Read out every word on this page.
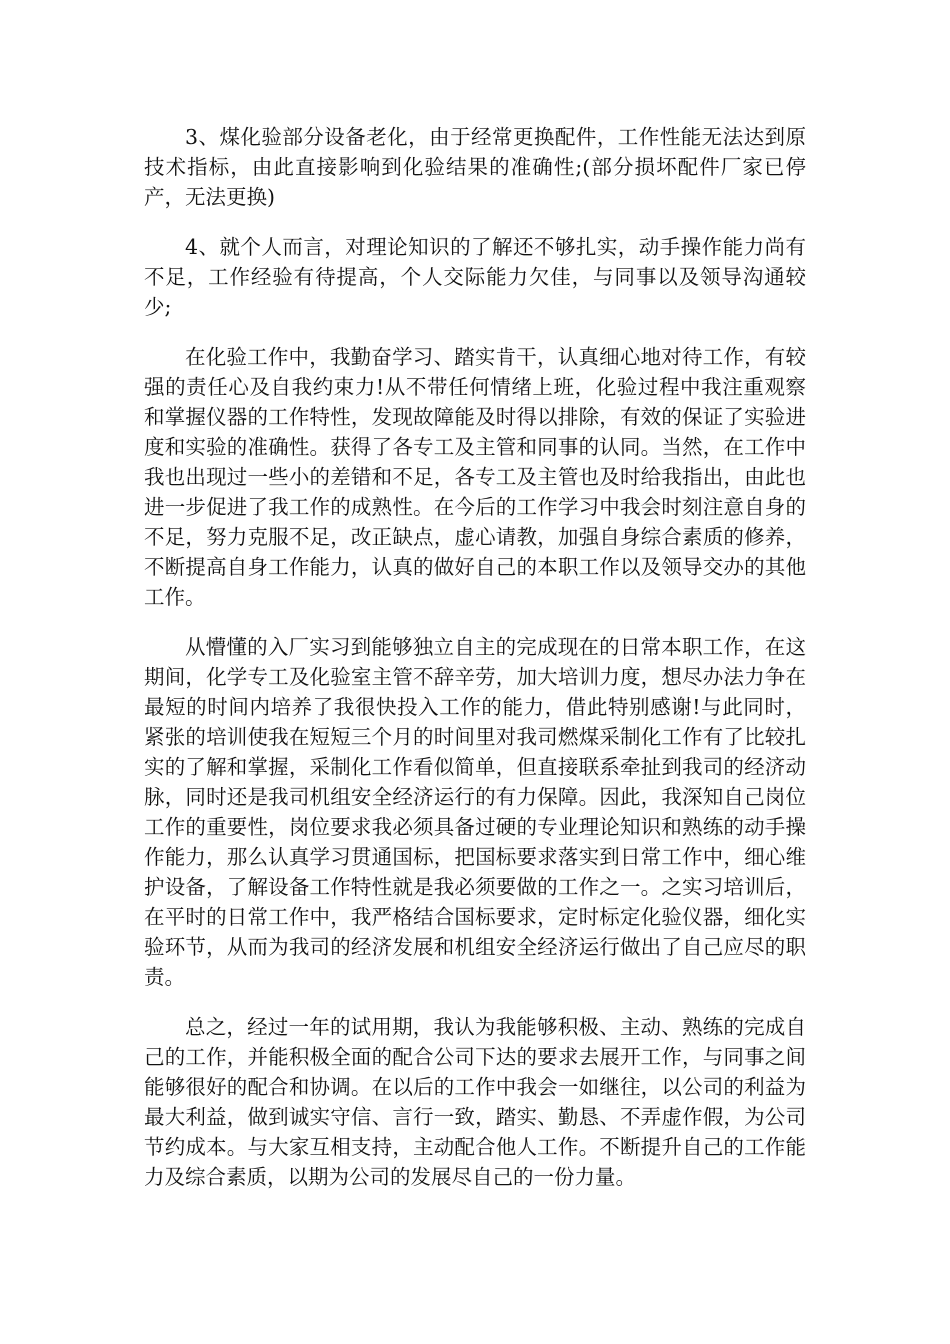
3、煤化验部分设备老化，由于经常更换配件，工作性能无法达到原技术指标，由此直接影响到化验结果的准确性;(部分损坏配件厂家已停产，无法更换)

4、就个人而言，对理论知识的了解还不够扎实，动手操作能力尚有不足，工作经验有待提高，个人交际能力欠佳，与同事以及领导沟通较少;

在化验工作中，我勤奋学习、踏实肯干，认真细心地对待工作，有较强的责任心及自我约束力!从不带任何情绪上班，化验过程中我注重观察和掌握仪器的工作特性，发现故障能及时得以排除，有效的保证了实验进度和实验的准确性。获得了各专工及主管和同事的认同。当然，在工作中我也出现过一些小的差错和不足，各专工及主管也及时给我指出，由此也进一步促进了我工作的成熟性。在今后的工作学习中我会时刻注意自身的不足，努力克服不足，改正缺点，虚心请教，加强自身综合素质的修养，不断提高自身工作能力，认真的做好自己的本职工作以及领导交办的其他工作。

从懵懂的入厂实习到能够独立自主的完成现在的日常本职工作，在这期间，化学专工及化验室主管不辞辛劳，加大培训力度，想尽办法力争在最短的时间内培养了我很快投入工作的能力，借此特别感谢!与此同时，紧张的培训使我在短短三个月的时间里对我司燃煤采制化工作有了比较扎实的了解和掌握，采制化工作看似简单，但直接联系牵扯到我司的经济动脉，同时还是我司机组安全经济运行的有力保障。因此，我深知自己岗位工作的重要性，岗位要求我必须具备过硬的专业理论知识和熟练的动手操作能力，那么认真学习贯通国标，把国标要求落实到日常工作中，细心维护设备，了解设备工作特性就是我必须要做的工作之一。之实习培训后，在平时的日常工作中，我严格结合国标要求，定时标定化验仪器，细化实验环节，从而为我司的经济发展和机组安全经济运行做出了自己应尽的职责。

总之，经过一年的试用期，我认为我能够积极、主动、熟练的完成自己的工作，并能积极全面的配合公司下达的要求去展开工作，与同事之间能够很好的配合和协调。在以后的工作中我会一如继往，以公司的利益为最大利益，做到诚实守信、言行一致，踏实、勤恳、不弄虚作假，为公司节约成本。与大家互相支持，主动配合他人工作。不断提升自己的工作能力及综合素质，以期为公司的发展尽自己的一份力量。
